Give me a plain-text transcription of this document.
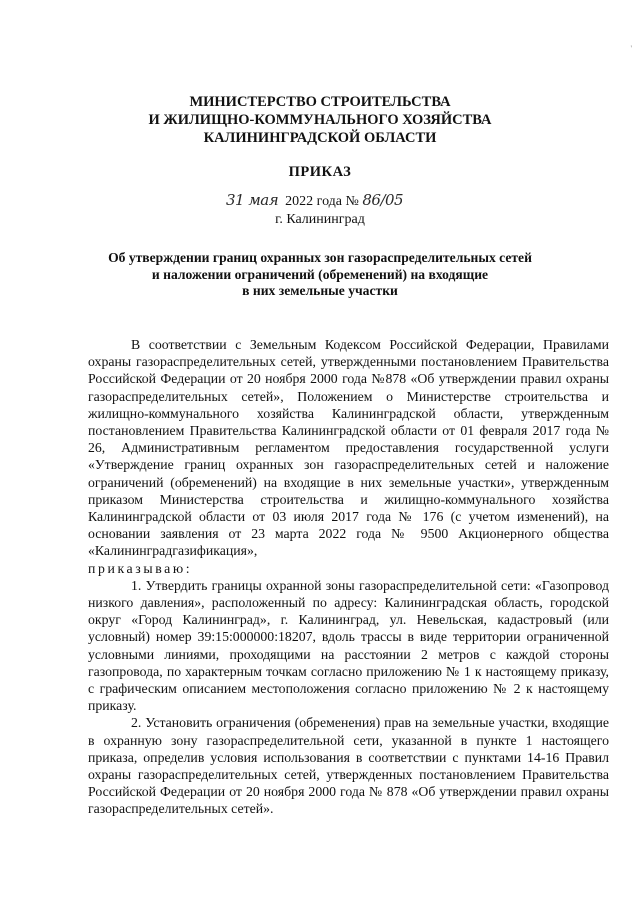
'
МИНИСТЕРСТВО СТРОИТЕЛЬСТВА
И ЖИЛИЩНО-КОММУНАЛЬНОГО ХОЗЯЙСТВА
КАЛИНИНГРАДСКОЙ ОБЛАСТИ
ПРИКАЗ
31 мая 2022 года № 86/05
г. Калининград
Об утверждении границ охранных зон газораспределительных сетей
и наложении ограничений (обременений) на входящие
в них земельные участки

В соответствии с Земельным Кодексом Российской Федерации, Правилами охраны газораспределительных сетей, утвержденными постановлением Правительства Российской Федерации от 20 ноября 2000 года №878 «Об утверждении правил охраны газораспределительных сетей», Положением о Министерстве строительства и жилищно-коммунального хозяйства Калининградской области, утвержденным постановлением Правительства Калининградской области от 01 февраля 2017 года № 26, Административным регламентом предоставления государственной услуги «Утверждение границ охранных зон газораспределительных сетей и наложение ограничений (обременений) на входящие в них земельные участки», утвержденным приказом Министерства строительства и жилищно-коммунального хозяйства Калининградской области от 03 июля 2017 года № 176 (с учетом изменений), на основании заявления от 23 марта 2022 года № 9500 Акционерного общества «Калининградгазификация»,

приказываю:

1. Утвердить границы охранной зоны газораспределительной сети: «Газопровод низкого давления», расположенный по адресу: Калининградская область, городской округ «Город Калининград», г. Калининград, ул. Невельская, кадастровый (или условный) номер 39:15:000000:18207, вдоль трассы в виде территории ограниченной условными линиями, проходящими на расстоянии 2 метров с каждой стороны газопровода, по характерным точкам согласно приложению № 1 к настоящему приказу, с графическим описанием местоположения согласно приложению № 2 к настоящему приказу.

2. Установить ограничения (обременения) прав на земельные участки, входящие в охранную зону газораспределительной сети, указанной в пункте 1 настоящего приказа, определив условия использования в соответствии с пунктами 14-16 Правил охраны газораспределительных сетей, утвержденных постановлением Правительства Российской Федерации от 20 ноября 2000 года № 878 «Об утверждении правил охраны газораспределительных сетей».
